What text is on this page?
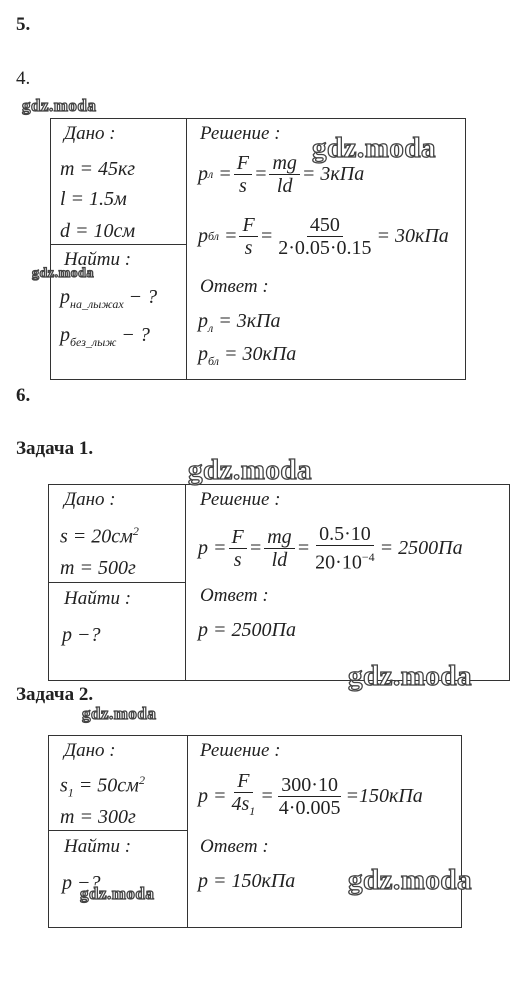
5.
4.
6.
Задача 1.
Задача 2.
Дано :
m = 45кг
l = 1.5м
d = 10см
Найти :
$p_{на\_лыжах}$ − ?
$p_{без\_лыж}$ − ?
Решение :
p $л = \frac{F}{s} = \frac{mg}{ld} = 3кПа$
p бл = $\frac{F}{s} = \frac{450}{2\cdot 0.05\cdot 0.15} = 30кПа$
Ответ :
$p_л = 3кПа$
$p_{бл} = 30кПа$
Дано :
$s = 20см^2$
m = 500г
Найти :
p −?
Решение :
$p = \frac{F}{s} = \frac{mg}{ld} = \frac{0.5\cdot 10}{20\cdot 10^{-4}} = 2500Па$
Ответ :
p = 2500Па
Дано :
$s_1 = 50см^2$
m = 300г
Найти :
p −?
Решение :
$p = \frac{F}{4s_1} = \frac{300\cdot 10}{4\cdot 0.005} =150кПа$
Ответ :
p = 150кПа
gdz.moda
gdz.moda
gdz.moda
gdz.moda
gdz.moda
gdz.moda
gdz.moda	gdz.moda
